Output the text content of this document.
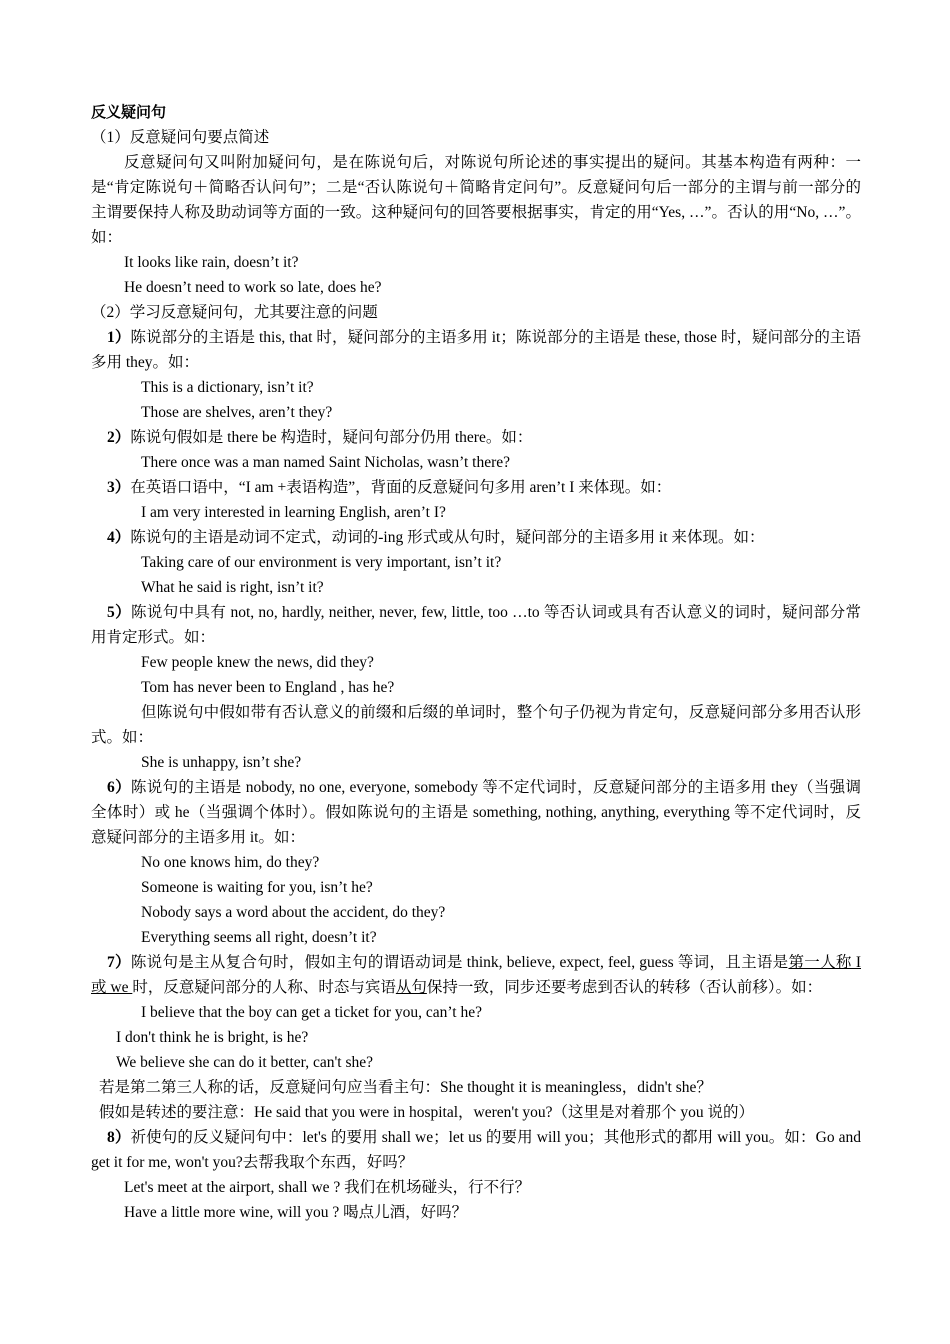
反义疑问句
（1）反意疑问句要点简述
反意疑问句又叫附加疑问句，是在陈说句后，对陈说句所论述的事实提出的疑问。其基本构造有两种：一是“肯定陈说句＋简略否认问句”；二是“否认陈说句＋简略肯定问句”。反意疑问句后一部分的主谓与前一部分的主谓要保持人称及助动词等方面的一致。这种疑问句的回答要根据事实，肯定的用“Yes, …”。否认的用“No, …”。如：
It looks like rain, doesn’t it?
He doesn’t need to work so late, does he?
（2）学习反意疑问句，尤其要注意的问题
1）陈说部分的主语是 this, that 时，疑问部分的主语多用 it；陈说部分的主语是 these, those 时，疑问部分的主语多用 they。如：
This is a dictionary, isn’t it?
Those are shelves, aren’t they?
2）陈说句假如是 there be 构造时，疑问句部分仍用 there。如：
There once was a man named Saint Nicholas, wasn’t there?
3）在英语口语中，“I am +表语构造”，背面的反意疑问句多用 aren’t I 来体现。如：
I am very interested in learning English, aren’t I?
4）陈说句的主语是动词不定式，动词的-ing 形式或从句时，疑问部分的主语多用 it 来体现。如：
Taking care of our environment is very important, isn’t it?
What he said is right, isn’t it?
5）陈说句中具有 not, no, hardly, neither, never, few, little, too …to 等否认词或具有否认意义的词时，疑问部分常用肯定形式。如：
Few people knew the news, did they?
Tom has never been to England , has he?
但陈说句中假如带有否认意义的前缀和后缀的单词时，整个句子仍视为肯定句，反意疑问部分多用否认形式。如：
She is unhappy, isn’t she?
6）陈说句的主语是 nobody, no one, everyone, somebody 等不定代词时，反意疑问部分的主语多用 they（当强调全体时）或 he（当强调个体时）。假如陈说句的主语是 something, nothing, anything, everything 等不定代词时，反意疑问部分的主语多用 it。如：
No one knows him, do they?
Someone is waiting for you, isn’t he?
Nobody says a word about the accident, do they?
Everything seems all right, doesn’t it?
7）陈说句是主从复合句时，假如主句的谓语动词是 think, believe, expect, feel, guess 等词，且主语是第一人称 I 或 we 时，反意疑问部分的人称、时态与宾语从句保持一致，同步还要考虑到否认的转移（否认前移）。如：
I believe that the boy can get a ticket for you, can’t he?
I don't think he is bright, is he?
We believe she can do it better, can't she?
若是第二第三人称的话，反意疑问句应当看主句：She thought it is meaningless，didn't she？
假如是转述的要注意：He said that you were in hospital，weren't you?（这里是对着那个 you 说的）
8）祈使句的反义疑问句中：let's 的要用 shall we；let us 的要用 will you；其他形式的都用 will you。如：Go and get it for me, won't you?去帮我取个东西，好吗？
Let's meet at the airport, shall we ? 我们在机场碰头，行不行？
Have a little more wine, will you ? 喝点儿酒，好吗？
